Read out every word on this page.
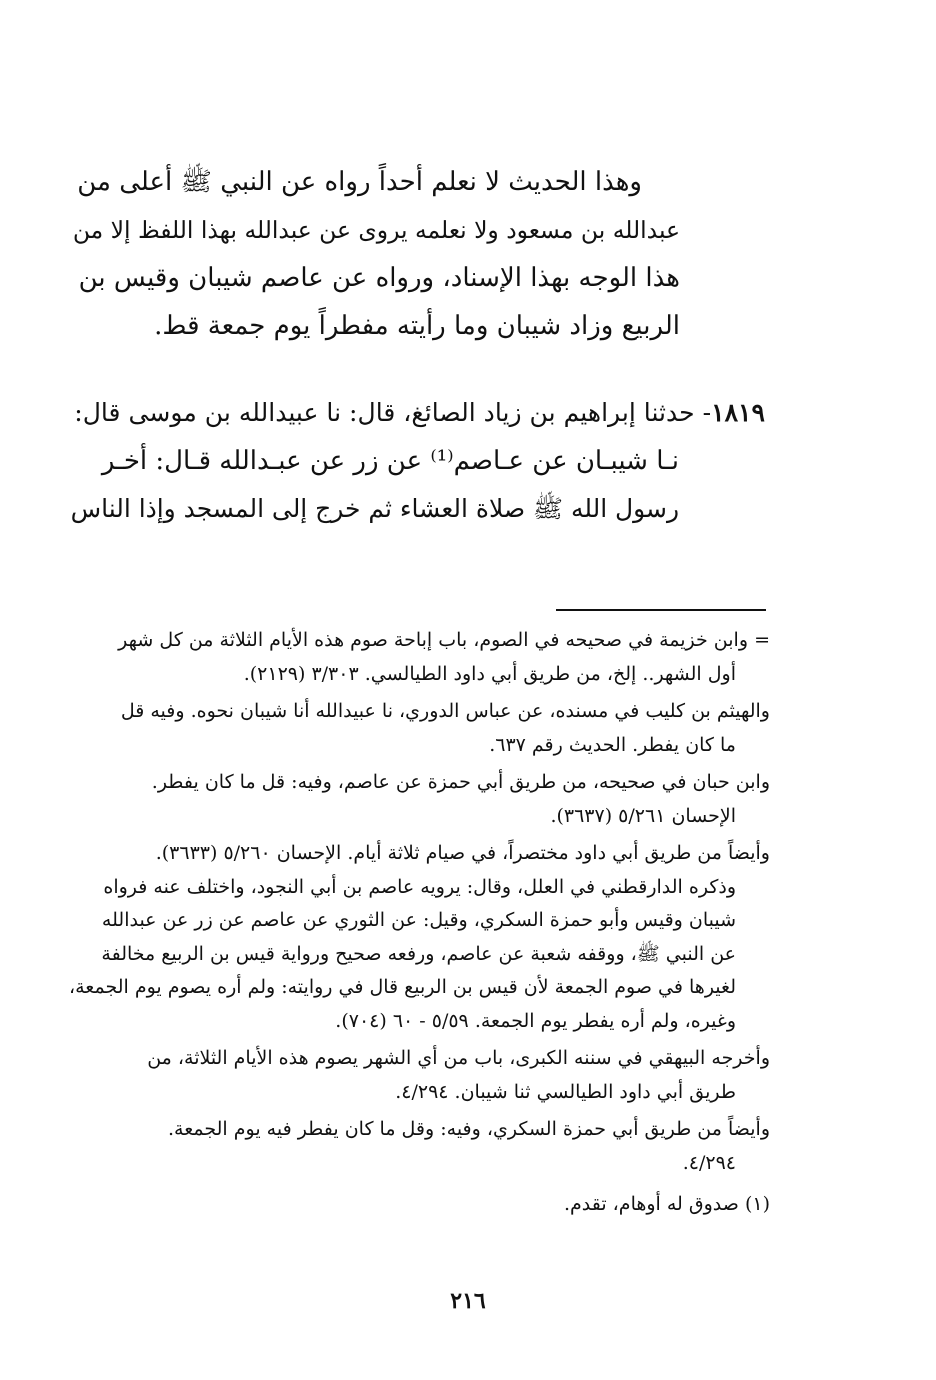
وهذا الحديث لا نعلم أحداً رواه عن النبي ﷺ أعلى من
عبدالله بن مسعود ولا نعلمه يروى عن عبدالله بهذا اللفظ إلا من
هذا الوجه بهذا الإسناد، ورواه عن عاصم شيبان وقيس بن
الربيع وزاد شيبان وما رأيته مفطراً يوم جمعة قط.
١٨١٩- حدثنا إبراهيم بن زياد الصائغ، قال: نا عبيدالله بن موسى قال:
نـا شيبـان عن عـاصم⁽¹⁾ عن زر عن عبـدالله قـال: أخـر
رسول الله ﷺ صلاة العشاء ثم خرج إلى المسجد وإذا الناس
=وابن خزيمة في صحيحه في الصوم، باب إباحة صوم هذه الأيام الثلاثة من كل شهر
أول الشهر.. إلخ، من طريق أبي داود الطيالسي. ٣/٣٠٣ (٢١٢٩).
والهيثم بن كليب في مسنده، عن عباس الدوري، نا عبيدالله أنا شيبان نحوه. وفيه قل
ما كان يفطر. الحديث رقم ٦٣٧.
وابن حبان في صحيحه، من طريق أبي حمزة عن عاصم، وفيه: قل ما كان يفطر.
الإحسان ٥/٢٦١ (٣٦٣٧).
وأيضاً من طريق أبي داود مختصراً، في صيام ثلاثة أيام. الإحسان ٥/٢٦٠ (٣٦٣٣).
وذكره الدارقطني في العلل، وقال: يرويه عاصم بن أبي النجود، واختلف عنه فرواه
شيبان وقيس وأبو حمزة السكري، وقيل: عن الثوري عن عاصم عن زر عن عبدالله
عن النبي ﷺ، ووقفه شعبة عن عاصم، ورفعه صحيح ورواية قيس بن الربيع مخالفة
لغيرها في صوم الجمعة لأن قيس بن الربيع قال في روايته: ولم أره يصوم يوم الجمعة،
وغيره، ولم أره يفطر يوم الجمعة. ٥/٥٩ - ٦٠ (٧٠٤).
وأخرجه البيهقي في سننه الكبرى، باب من أي الشهر يصوم هذه الأيام الثلاثة، من
طريق أبي داود الطيالسي ثنا شيبان. ٤/٢٩٤.
وأيضاً من طريق أبي حمزة السكري، وفيه: وقل ما كان يفطر فيه يوم الجمعة.
٤/٢٩٤.
(١) صدوق له أوهام، تقدم.
٢١٦
